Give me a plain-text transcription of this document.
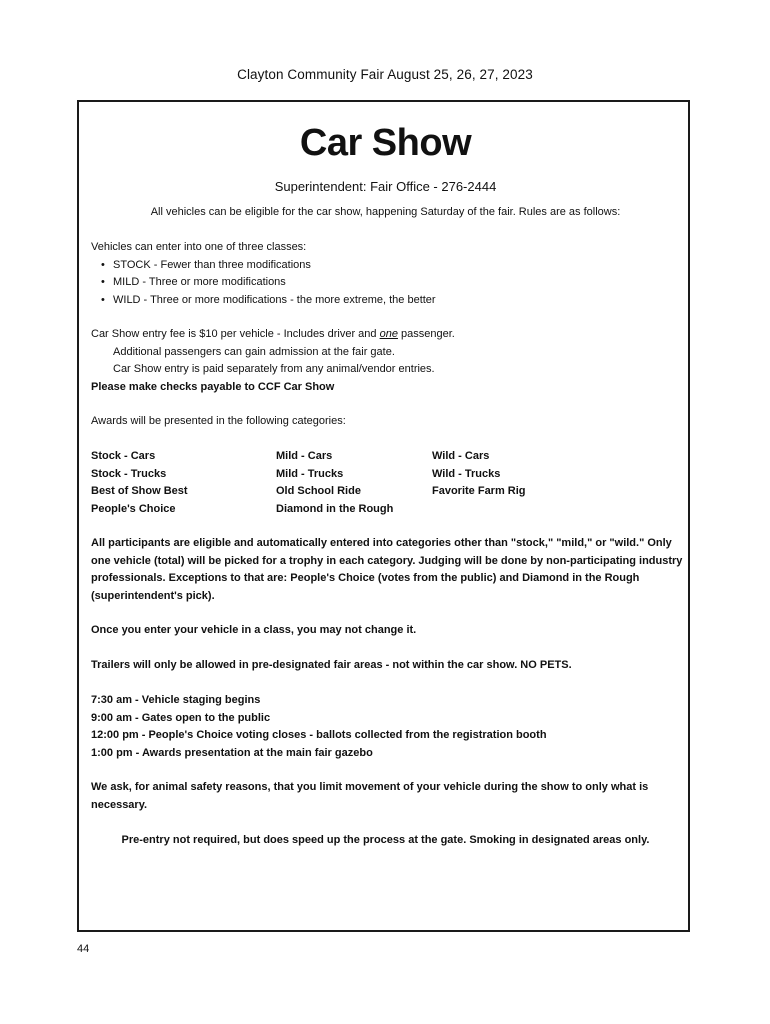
Clayton Community Fair August 25, 26, 27, 2023
Car Show
Superintendent: Fair Office - 276-2444
All vehicles can be eligible for the car show, happening Saturday of the fair. Rules are as follows:
Vehicles can enter into one of three classes:
• STOCK - Fewer than three modifications
• MILD - Three or more modifications
• WILD - Three or more modifications - the more extreme, the better
Car Show entry fee is $10 per vehicle - Includes driver and one passenger.
Additional passengers can gain admission at the fair gate.
Car Show entry is paid separately from any animal/vendor entries.
Please make checks payable to CCF Car Show
Awards will be presented in the following categories:
Stock - Cars	Mild - Cars	Wild - Cars
Stock - Trucks	Mild - Trucks	Wild - Trucks
Best of Show Best	Old School Ride	Favorite Farm Rig
People's Choice	Diamond in the Rough
All participants are eligible and automatically entered into categories other than "stock," "mild," or "wild." Only one vehicle (total) will be picked for a trophy in each category. Judging will be done by non-participating industry professionals. Exceptions to that are: People's Choice (votes from the public) and Diamond in the Rough (superintendent's pick).
Once you enter your vehicle in a class, you may not change it.
Trailers will only be allowed in pre-designated fair areas - not within the car show. NO PETS.
7:30 am - Vehicle staging begins
9:00 am - Gates open to the public
12:00 pm - People's Choice voting closes - ballots collected from the registration booth
1:00 pm - Awards presentation at the main fair gazebo
We ask, for animal safety reasons, that you limit movement of your vehicle during the show to only what is necessary.
Pre-entry not required, but does speed up the process at the gate. Smoking in designated areas only.
44
